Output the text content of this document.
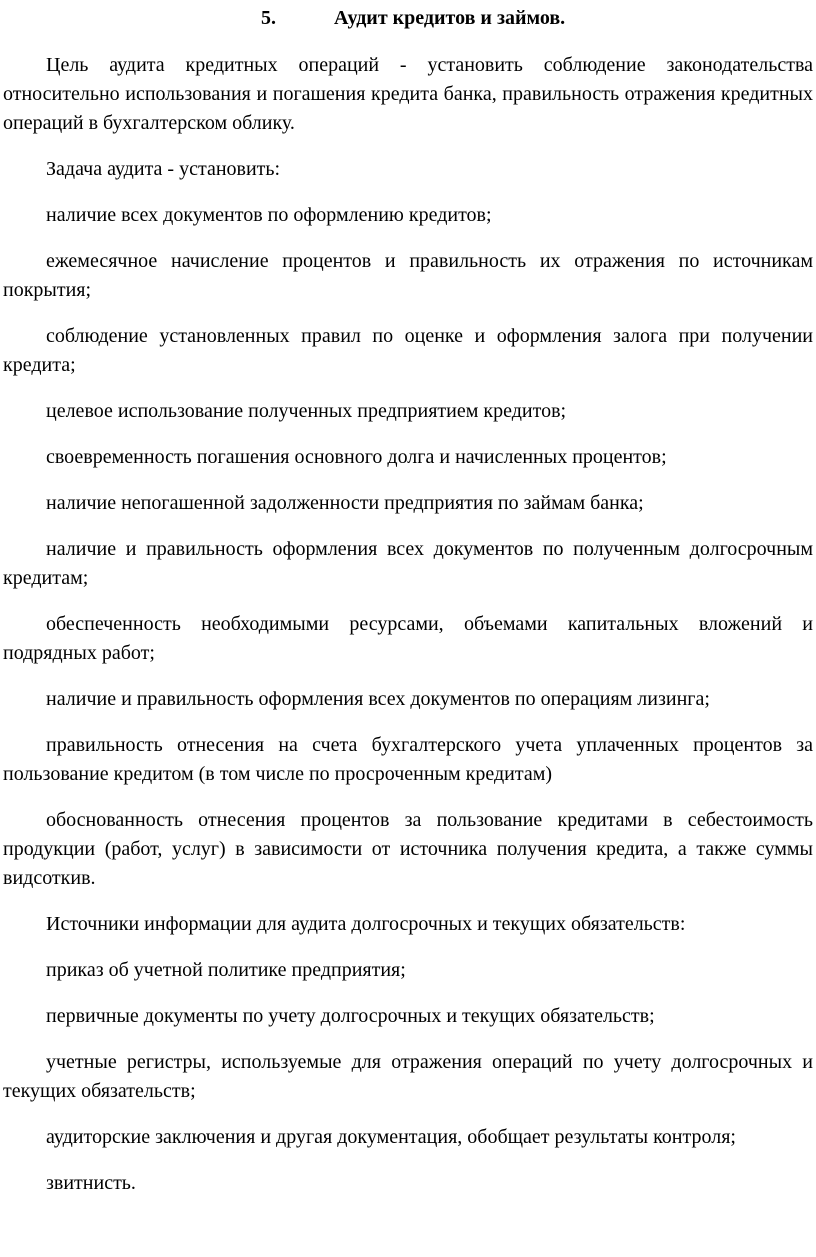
5.	Аудит кредитов и займов.

Цель аудита кредитных операций - установить соблюдение законодательства относительно использования и погашения кредита банка, правильность отражения кредитных операций в бухгалтерском облику.

Задача аудита - установить:

наличие всех документов по оформлению кредитов;

ежемесячное начисление процентов и правильность их отражения по источникам покрытия;

соблюдение установленных правил по оценке и оформления залога при получении кредита;

целевое использование полученных предприятием кредитов;

своевременность погашения основного долга и начисленных процентов;

наличие непогашенной задолженности предприятия по займам банка;

наличие и правильность оформления всех документов по полученным долгосрочным кредитам;

обеспеченность необходимыми ресурсами, объемами капитальных вложений и подрядных работ;

наличие и правильность оформления всех документов по операциям лизинга;

правильность отнесения на счета бухгалтерского учета уплаченных процентов за пользование кредитом (в том числе по просроченным кредитам)

обоснованность отнесения процентов за пользование кредитами в себестоимость продукции (работ, услуг) в зависимости от источника получения кредита, а также суммы видсоткив.

Источники информации для аудита долгосрочных и текущих обязательств:

приказ об учетной политике предприятия;

первичные документы по учету долгосрочных и текущих обязательств;

учетные регистры, используемые для отражения операций по учету долгосрочных и текущих обязательств;

аудиторские заключения и другая документация, обобщает результаты контроля;

звитнисть.
